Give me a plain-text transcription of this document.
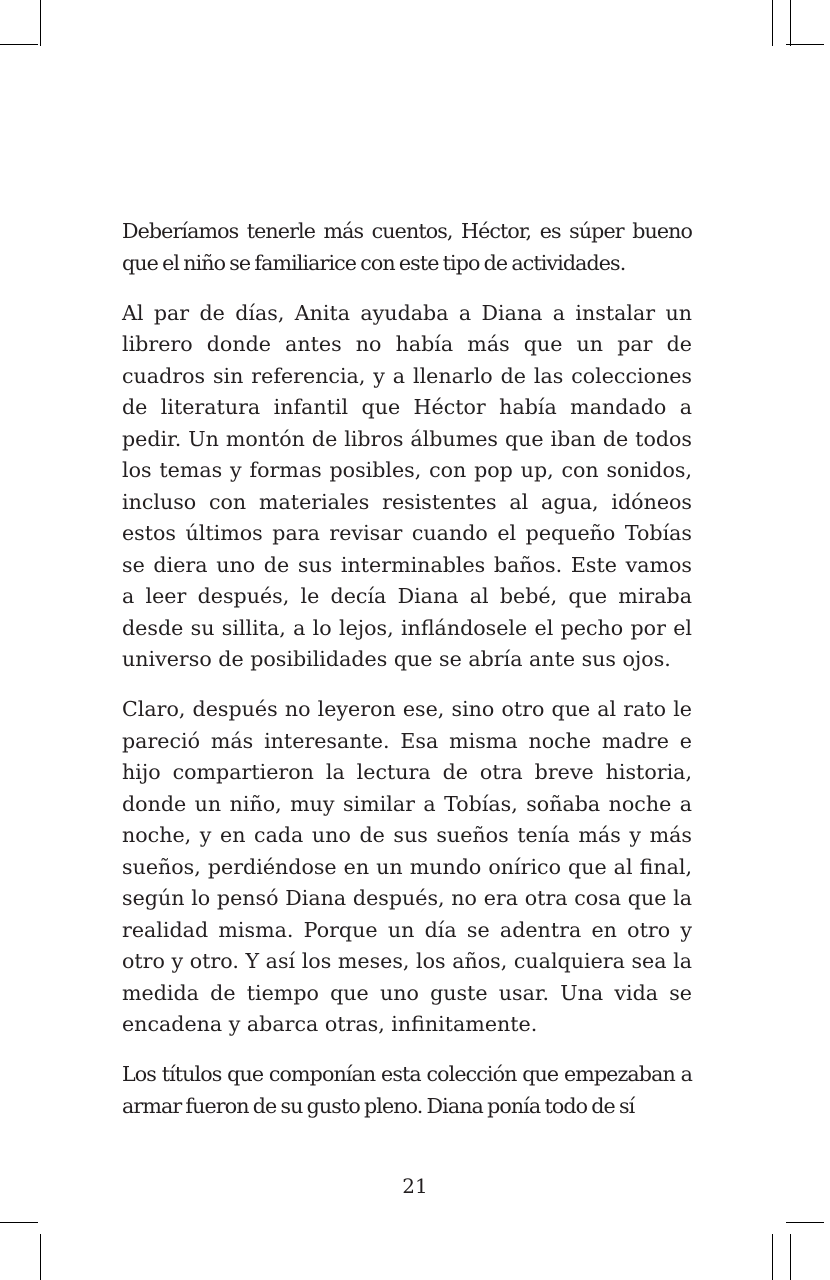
Deberíamos tenerle más cuentos, Héctor, es súper bueno que el niño se familiarice con este tipo de actividades.

Al par de días, Anita ayudaba a Diana a instalar un librero donde antes no había más que un par de cuadros sin referencia, y a llenarlo de las colecciones de literatura infantil que Héctor había mandado a pedir. Un montón de libros álbumes que iban de todos los temas y formas posibles, con pop up, con sonidos, incluso con materiales resistentes al agua, idóneos estos últimos para revisar cuando el pequeño Tobías se diera uno de sus interminables baños. Este vamos a leer después, le decía Diana al bebé, que miraba desde su sillita, a lo lejos, inflándosele el pecho por el universo de posibilidades que se abría ante sus ojos.

Claro, después no leyeron ese, sino otro que al rato le pareció más interesante. Esa misma noche madre e hijo compartieron la lectura de otra breve historia, donde un niño, muy similar a Tobías, soñaba noche a noche, y en cada uno de sus sueños tenía más y más sueños, perdiéndose en un mundo onírico que al final, según lo pensó Diana después, no era otra cosa que la realidad misma. Porque un día se adentra en otro y otro y otro. Y así los meses, los años, cualquiera sea la medida de tiempo que uno guste usar. Una vida se encadena y abarca otras, infinitamente.

Los títulos que componían esta colección que empezaban a armar fueron de su gusto pleno. Diana ponía todo de sí

21
